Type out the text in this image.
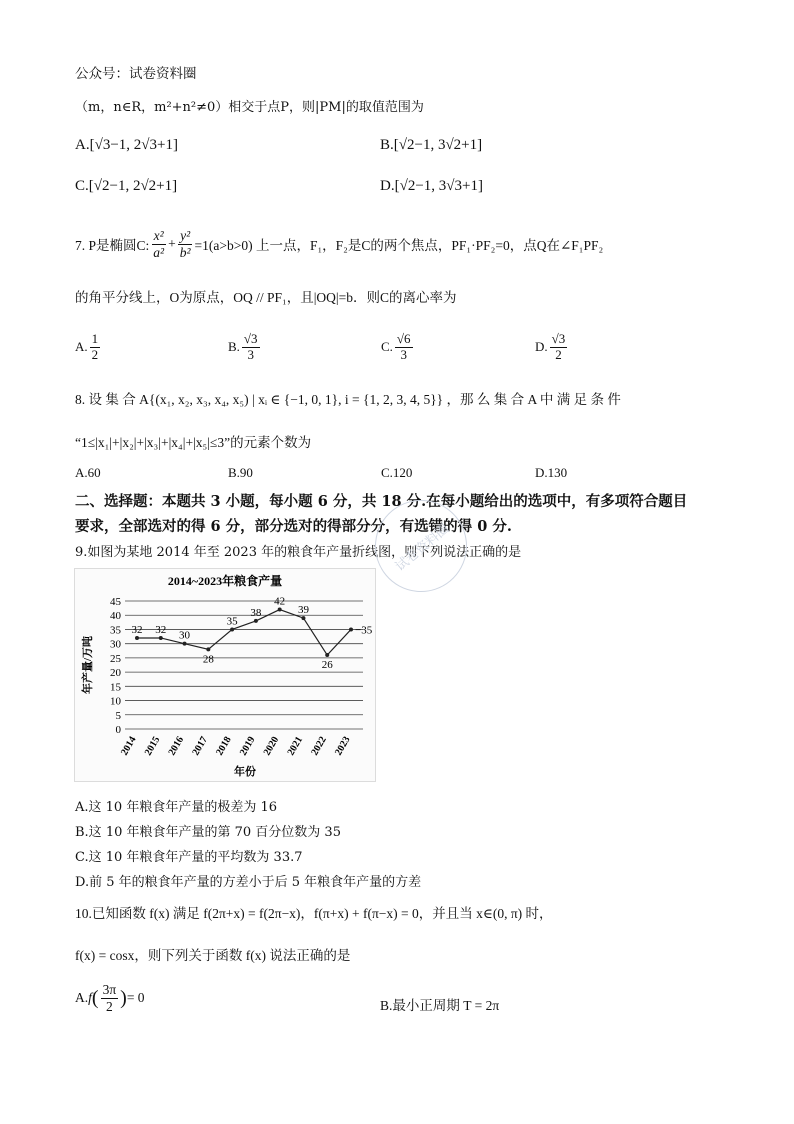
公众号：试卷资料圈
（m，n∈R，m²+n²≠0）相交于点P，则|PM|的取值范围为
A.[√3−1, 2√3+1]	B.[√2−1, 3√2+1]
C.[√2−1, 2√2+1]	D.[√2−1, 3√3+1]
7. P是椭圆C: $\frac{\text{x²}}{\text{a²}} + \frac{\text{y²}}{\text{b²}} =1(a>b>0)$ 上一点，F₁，F₂是C的两个焦点，PF₁·PF₂=0，点Q在∠F₁PF₂
的角平分线上，O为原点，OQ // PF₁，且|OQ|=b．则C的离心率为
A. $\frac{1}{2}$	B. $\frac{√3}{3}$	C. $\frac{√6}{3}$	D. $\frac{√3}{2}$
8. 设 集 合 A{(x₁, x₂, x₃, x₄, x₅) | xᵢ ∈ {−1, 0, 1}, i = {1, 2, 3, 4, 5}} ，那 么 集 合 A 中 满 足 条 件
“1≤|x₁|+|x₂|+|x₃|+|x₄|+|x₅|≤3”的元素个数为
A.60	B.90	C.120	D.130
二、选择题：本题共 3 小题，每小题 6 分，共 18 分.在每小题给出的选项中，有多项符合题目
要求，全部选对的得 6 分，部分选对的得部分分，有选错的得 0 分.
9.如图为某地 2014 年至 2023 年的粮食年产量折线图，则下列说法正确的是
试卷资料圈
2014~2023年粮食产量
0
5
10
15
20
25
30
35
40
45
2014 2015 2016 2017 2018 2019 2020 2021 2022 2023
32 32 30
28
35
38
42
39
26
−35
年产量/万吨
年份
A.这 10 年粮食年产量的极差为 16
B.这 10 年粮食年产量的第 70 百分位数为 35
C.这 10 年粮食年产量的平均数为 33.7
D.前 5 年的粮食年产量的方差小于后 5 年粮食年产量的方差
10.已知函数 f(x) 满足 f(2π+x) = f(2π−x)，f(π+x) + f(π−x) = 0，并且当 x∈(0, π) 时，
f(x) = cosx，则下列关于函数 f(x) 说法正确的是
A. f ( $\frac{3\pi}{2}$ ) = 0
B.最小正周期 T = 2π
